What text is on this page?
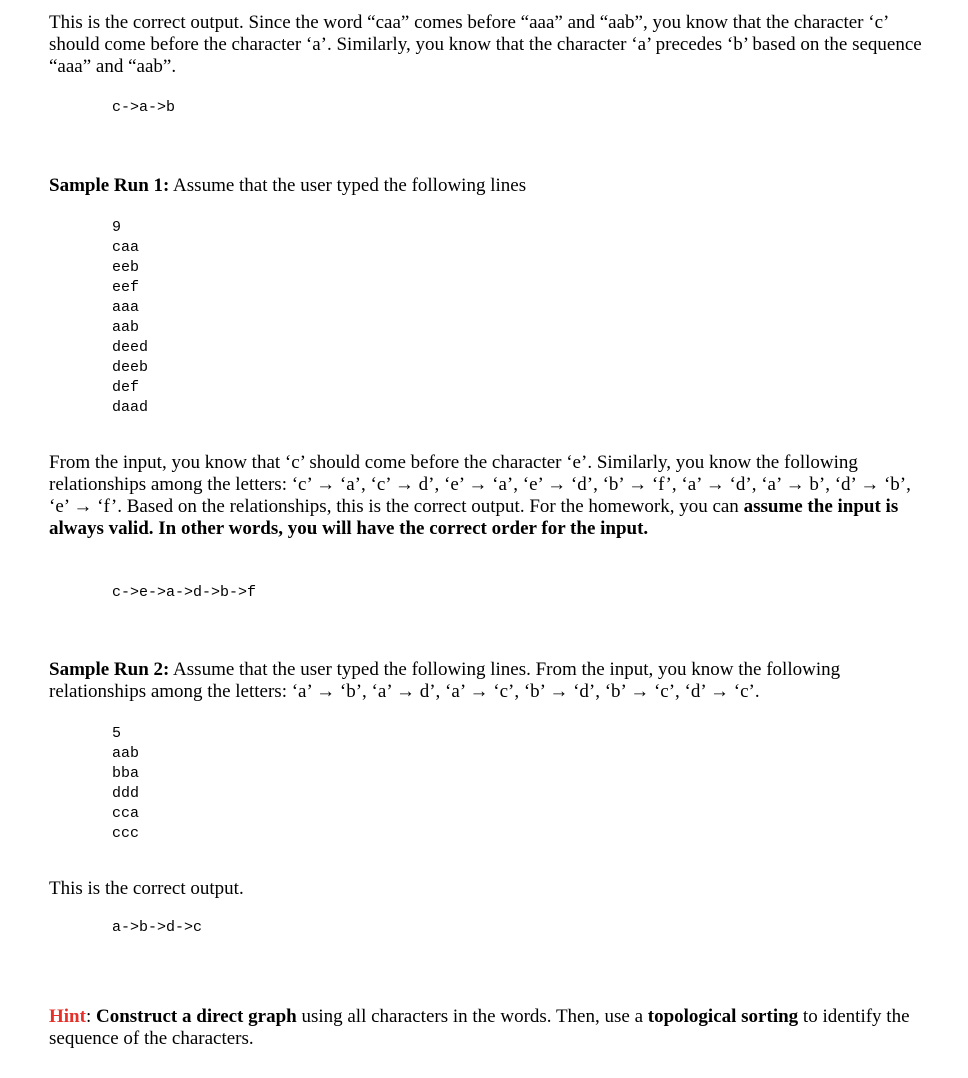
This is the correct output. Since the word “caa” comes before “aaa” and “aab”, you know that the character ‘c’ should come before the character ‘a’. Similarly, you know that the character ‘a’ precedes ‘b’ based on the sequence “aaa” and “aab”.
c->a->b
Sample Run 1: Assume that the user typed the following lines
9
caa
eeb
eef
aaa
aab
deed
deeb
def
daad
From the input, you know that ‘c’ should come before the character ‘e’. Similarly, you know the following relationships among the letters: ‘c’ → ‘a’, ‘c’ → d’, ‘e’ → ‘a’, ‘e’ → ‘d’, ‘b’ → ‘f’, ‘a’ → ‘d’, ‘a’ → b’, ‘d’ → ‘b’, ‘e’ → ‘f’. Based on the relationships, this is the correct output. For the homework, you can assume the input is always valid. In other words, you will have the correct order for the input.
c->e->a->d->b->f
Sample Run 2: Assume that the user typed the following lines. From the input, you know the following relationships among the letters: ‘a’ → ‘b’, ‘a’ → d’, ‘a’ → ‘c’, ‘b’ → ‘d’, ‘b’ → ‘c’, ‘d’ → ‘c’.
5
aab
bba
ddd
cca
ccc
This is the correct output.
a->b->d->c
Hint: Construct a direct graph using all characters in the words. Then, use a topological sorting to identify the sequence of the characters.
